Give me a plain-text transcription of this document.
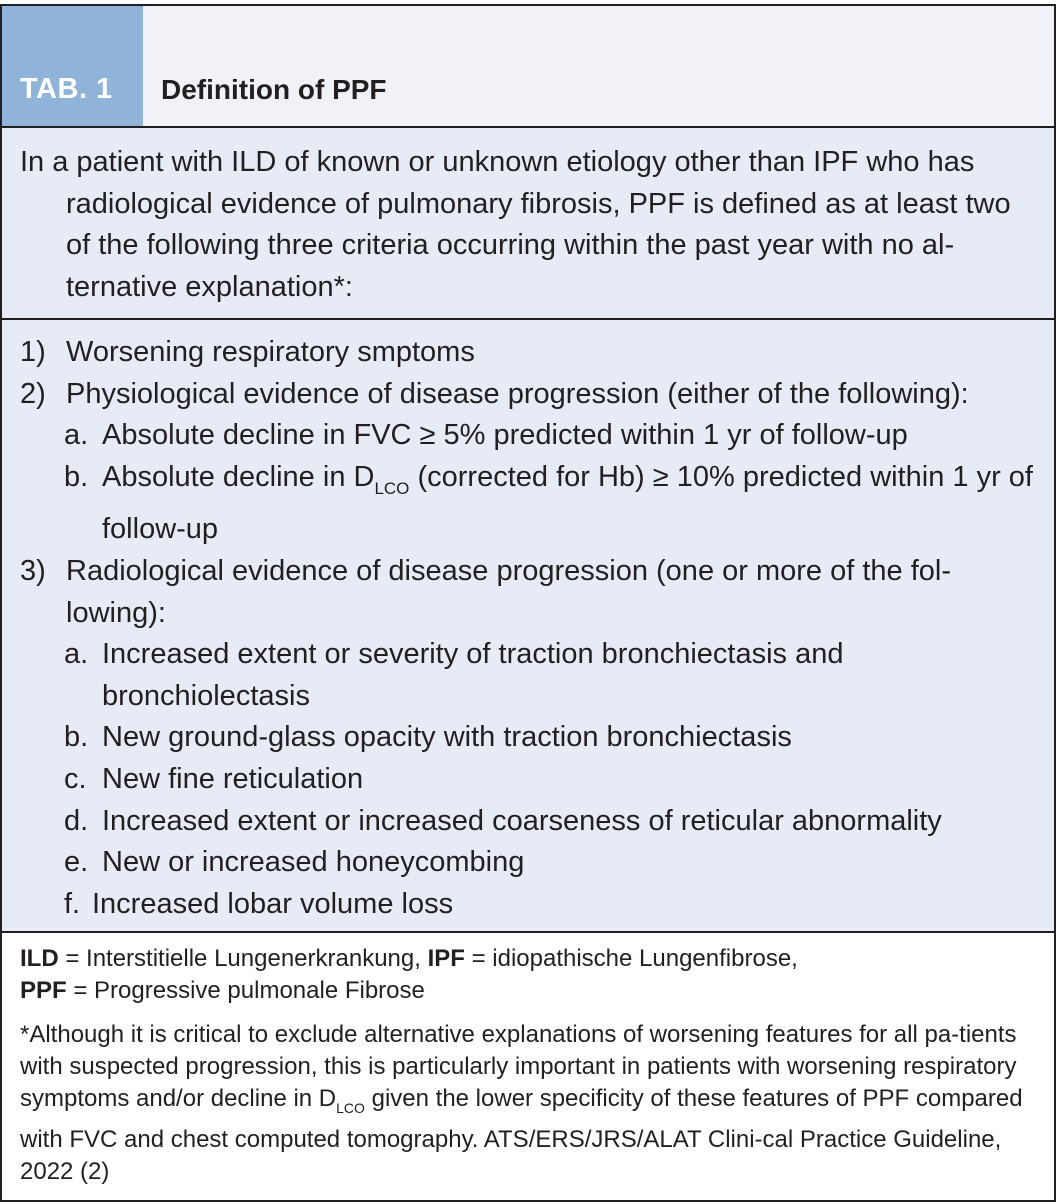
TAB. 1	Definition of PPF

In a patient with ILD of known or unknown etiology other than IPF who has radiological evidence of pulmonary fibrosis, PPF is defined as at least two of the following three criteria occurring within the past year with no al-ternative explanation*:

1) Worsening respiratory smptoms
2) Physiological evidence of disease progression (either of the following):
a. Absolute decline in FVC ≥ 5% predicted within 1 yr of follow-up
b. Absolute decline in $D_{LCO}$ (corrected for Hb) ≥ 10% predicted within 1 yr of follow-up
3) Radiological evidence of disease progression (one or more of the fol-lowing):
a. Increased extent or severity of traction bronchiectasis and bronchiolectasis
b. New ground-glass opacity with traction bronchiectasis
c. New fine reticulation
d. Increased extent or increased coarseness of reticular abnormality
e. New or increased honeycombing
f. Increased lobar volume loss

ILD = Interstitielle Lungenerkrankung, IPF = idiopathische Lungenfibrose,

PPF = Progressive pulmonale Fibrose

*Although it is critical to exclude alternative explanations of worsening features for all pa-tients with suspected progression, this is particularly important in patients with worsening respiratory symptoms and/or decline in $D_{LCO}$ given the lower specificity of these features of PPF compared with FVC and chest computed tomography. ATS/ERS/JRS/ALAT Clini-cal Practice Guideline, 2022 (2)
